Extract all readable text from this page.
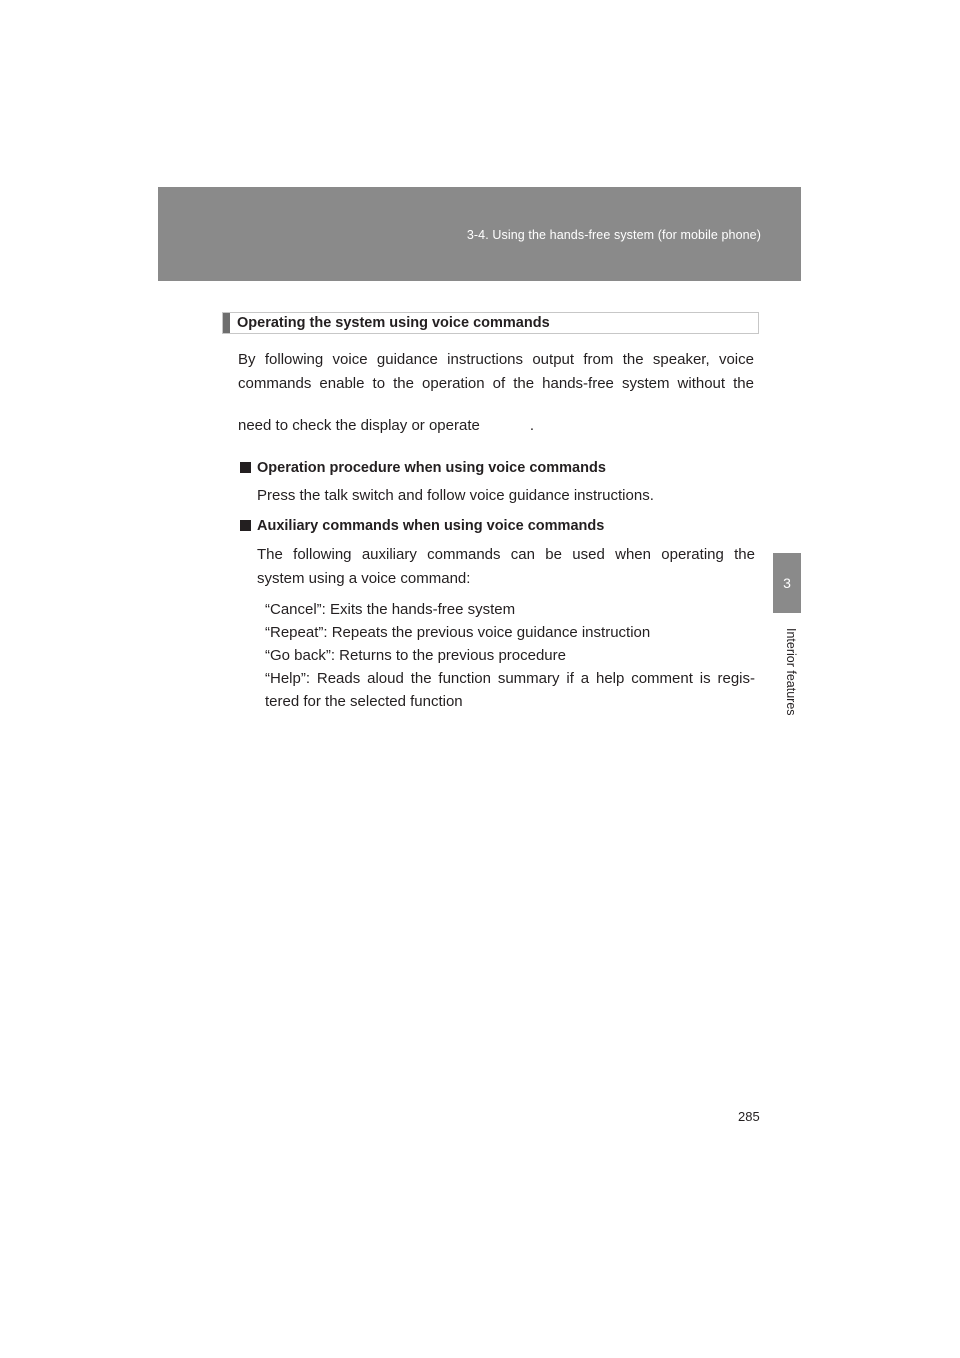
3-4. Using the hands-free system (for mobile phone)
3
Interior features
Operating the system using voice commands
By following voice guidance instructions output from the speaker, voice
commands enable to the operation of the hands-free system without the
need to check the display or operate            .
Operation procedure when using voice commands
Press the talk switch and follow voice guidance instructions.
Auxiliary commands when using voice commands
The following auxiliary commands can be used when operating the
system using a voice command:
“Cancel”: Exits the hands-free system
“Repeat”: Repeats the previous voice guidance instruction
“Go back”: Returns to the previous procedure
“Help”: Reads aloud the function summary if a help comment is regis-
tered for the selected function
285
